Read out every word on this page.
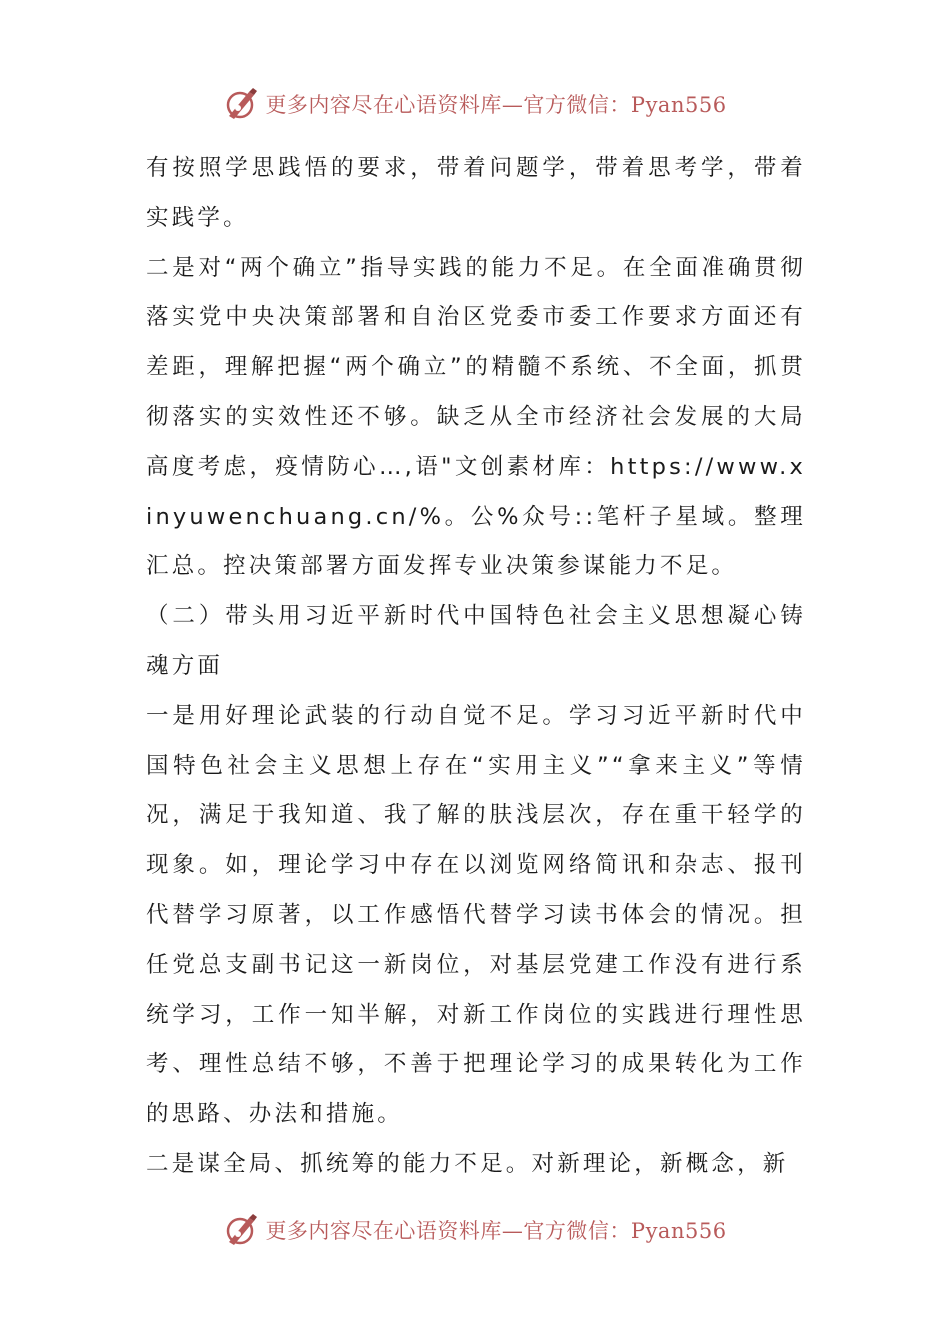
更多内容尽在心语资料库—官方微信：Pyan556

有按照学思践悟的要求，带着问题学，带着思考学，带着实践学。

二是对“两个确立”指导实践的能力不足。在全面准确贯彻落实党中央决策部署和自治区党委市委工作要求方面还有差距，理解把握“两个确立”的精髓不系统、不全面，抓贯彻落实的实效性还不够。缺乏从全市经济社会发展的大局高度考虑，疫情防心…,语"文创素材库：https://www.xinyuwenchuang.cn/%。公%众号::笔杆子星域。整理汇总。控决策部署方面发挥专业决策参谋能力不足。

（二）带头用习近平新时代中国特色社会主义思想凝心铸魂方面

一是用好理论武装的行动自觉不足。学习习近平新时代中国特色社会主义思想上存在“实用主义”“拿来主义”等情况，满足于我知道、我了解的肤浅层次，存在重干轻学的现象。如，理论学习中存在以浏览网络简讯和杂志、报刊代替学习原著，以工作感悟代替学习读书体会的情况。担任党总支副书记这一新岗位，对基层党建工作没有进行系统学习，工作一知半解，对新工作岗位的实践进行理性思考、理性总结不够，不善于把理论学习的成果转化为工作的思路、办法和措施。

二是谋全局、抓统筹的能力不足。对新理论，新概念，新

更多内容尽在心语资料库—官方微信：Pyan556
